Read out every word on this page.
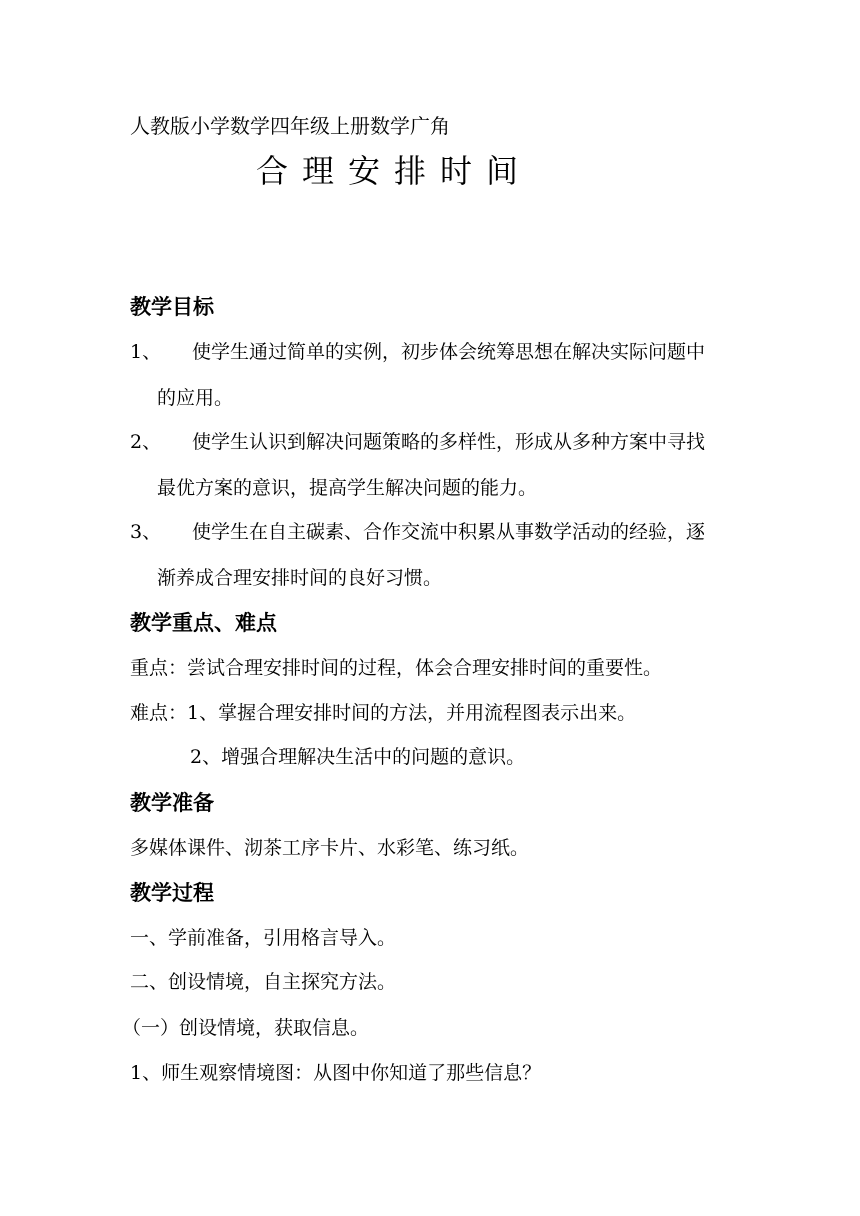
人教版小学数学四年级上册数学广角
合理安排时间
教学目标
1、 使学生通过简单的实例，初步体会统筹思想在解决实际问题中
的应用。
2、 使学生认识到解决问题策略的多样性，形成从多种方案中寻找
最优方案的意识，提高学生解决问题的能力。
3、 使学生在自主碳素、合作交流中积累从事数学活动的经验，逐
渐养成合理安排时间的良好习惯。
教学重点、难点
重点：尝试合理安排时间的过程，体会合理安排时间的重要性。
难点：1、掌握合理安排时间的方法，并用流程图表示出来。
2、增强合理解决生活中的问题的意识。
教学准备
多媒体课件、沏茶工序卡片、水彩笔、练习纸。
教学过程
一、学前准备，引用格言导入。
二、创设情境，自主探究方法。
（一）创设情境，获取信息。
1、师生观察情境图：从图中你知道了那些信息？
